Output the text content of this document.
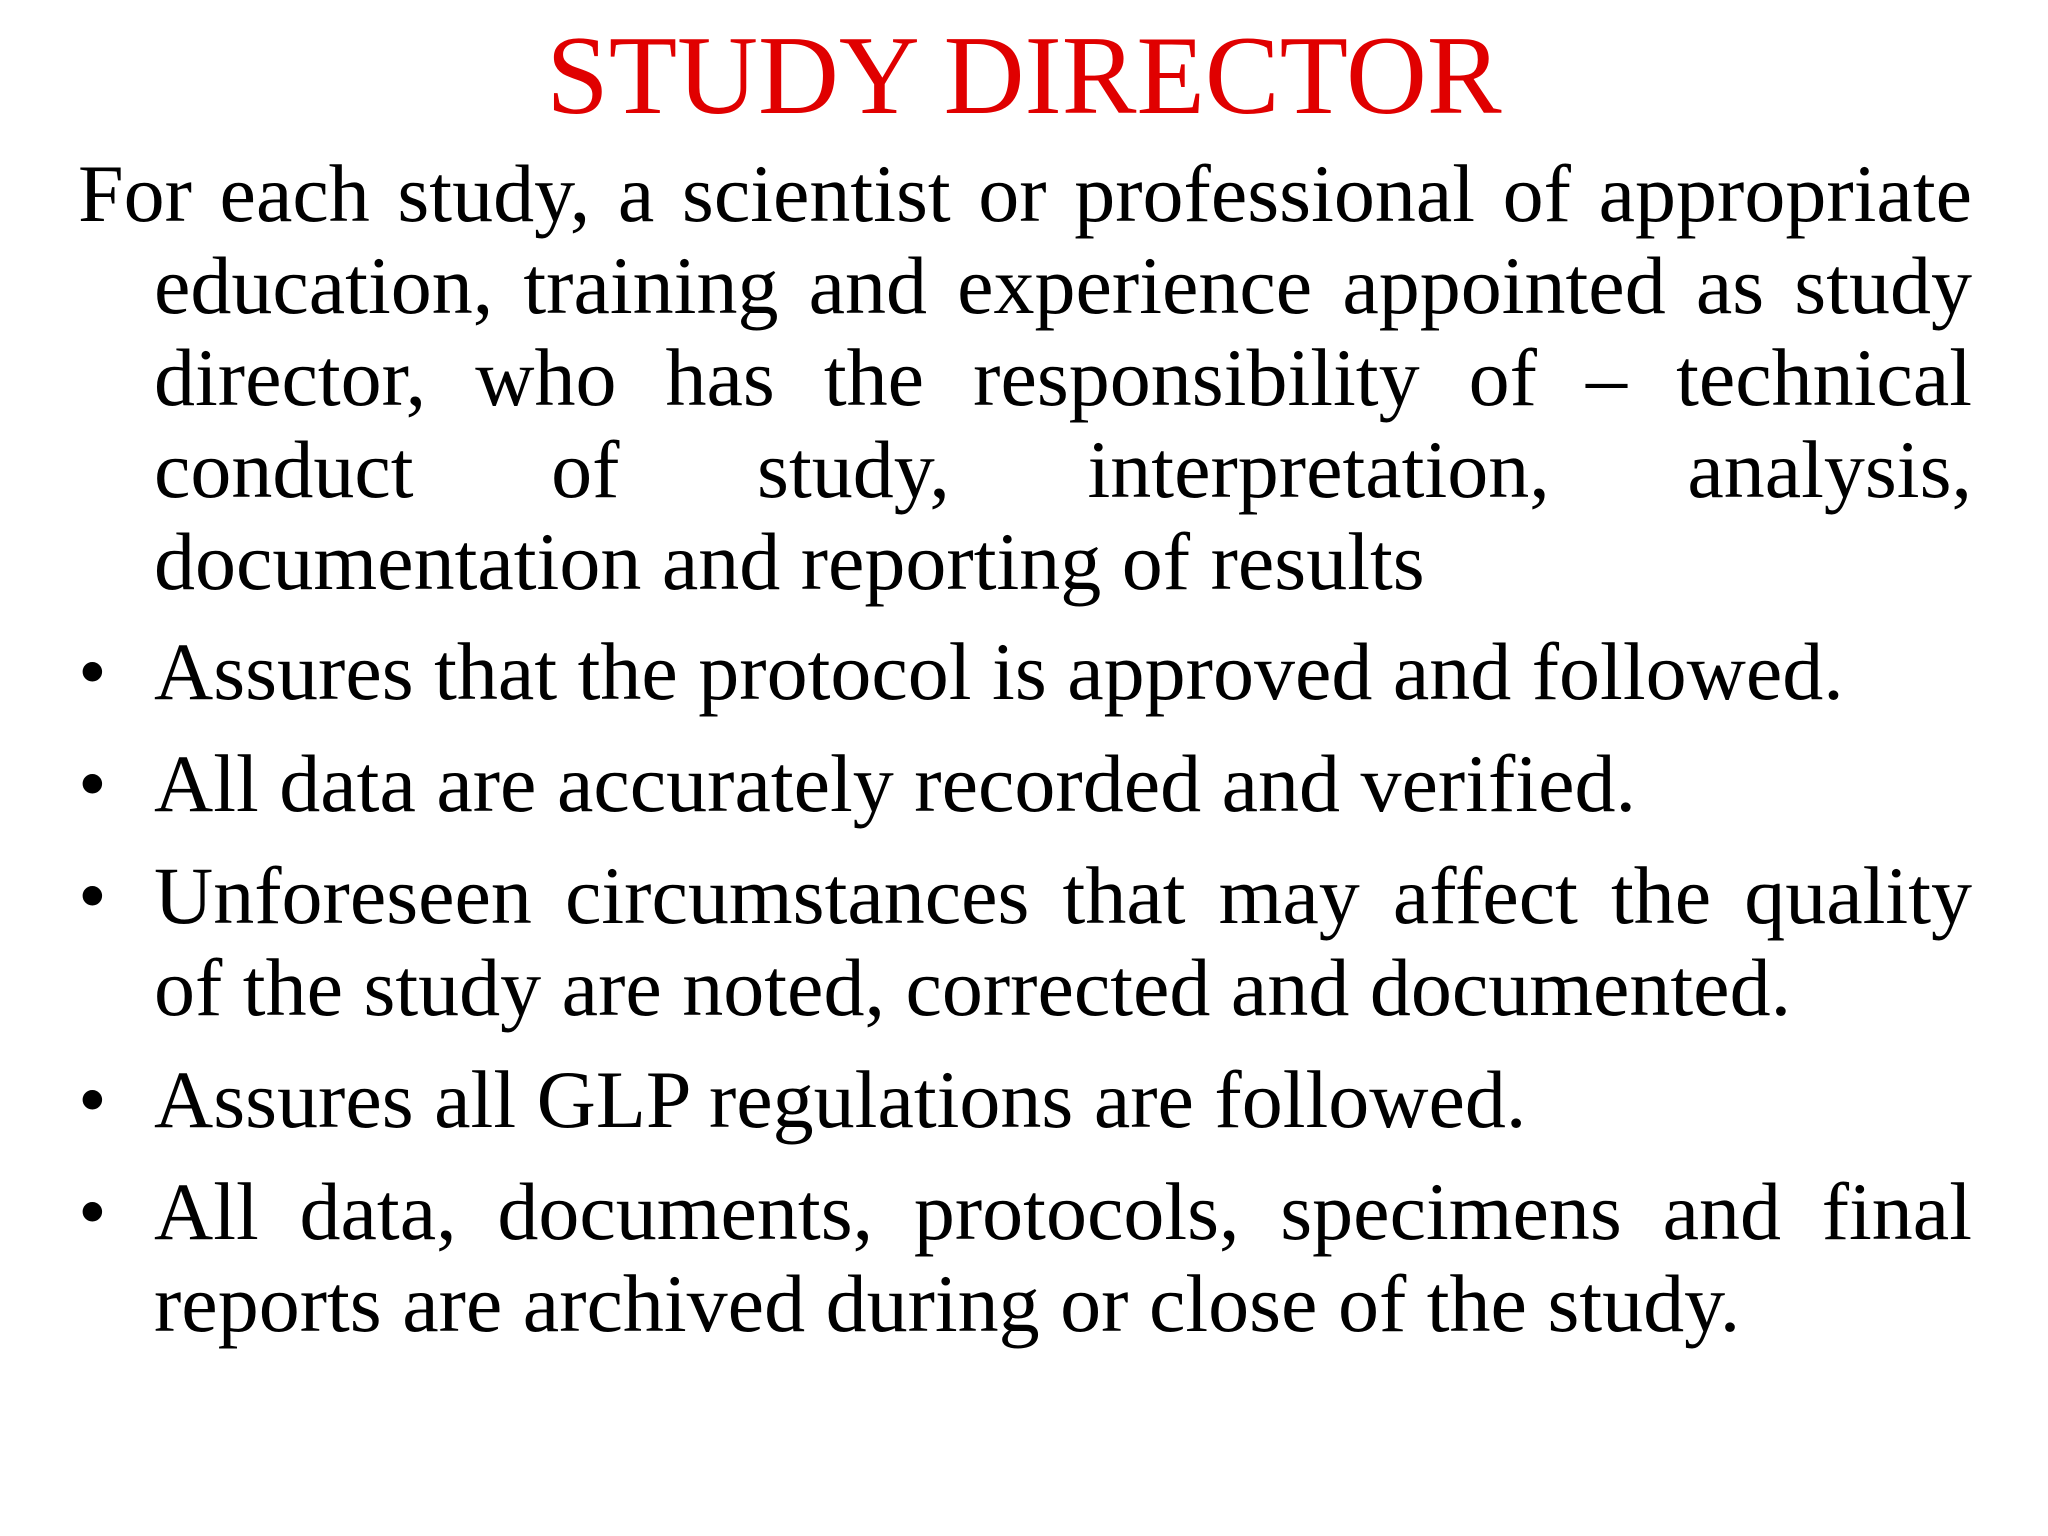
STUDY DIRECTOR

For each study, a scientist or professional of appropriate education, training and experience appointed as study director, who has the responsibility of – technical conduct of study, interpretation, analysis, documentation and reporting of results

• Assures that the protocol is approved and followed.
• All data are accurately recorded and verified.
• Unforeseen circumstances that may affect the quality of the study are noted, corrected and documented.
• Assures all GLP regulations are followed.
• All data, documents, protocols, specimens and final reports are archived during or close of the study.
